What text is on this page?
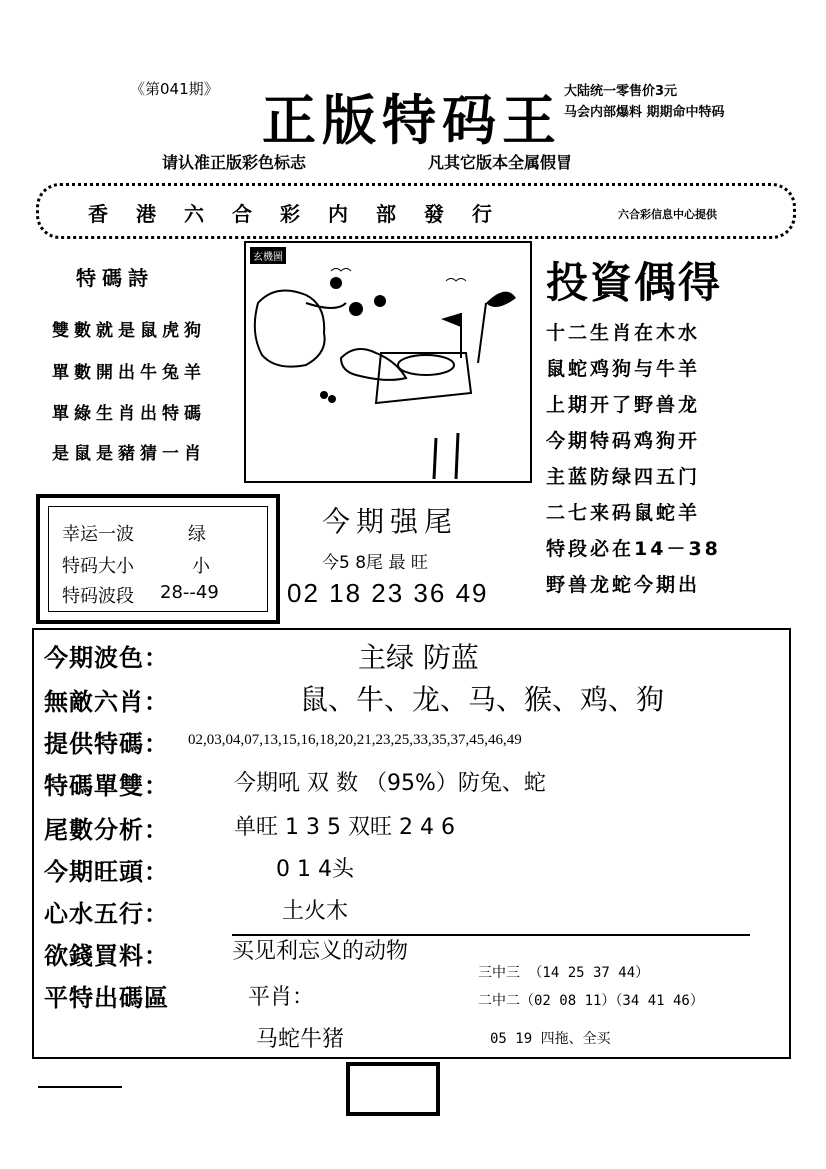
《第041期》 正版特码王 大陆统一零售价3元
马会内部爆料 期期命中特码
请认准正版彩色标志	凡其它版本全属假冒
香港六合彩内部發行	六合彩信息中心提供
特碼詩
雙數就是鼠虎狗
單數開出牛兔羊
單綠生肖出特碼
是鼠是豬猜一肖
玄機圖
投資偶得
十二生肖在木水
鼠蛇鸡狗与牛羊
上期开了野兽龙
今期特码鸡狗开
主蓝防绿四五门
二七来码鼠蛇羊
特段必在14－38
野兽龙蛇今期出
幸运一波	绿
特码大小	小
特码波段 28--49
今期强尾
今5 8尾 最 旺
02 18 23 36 49
今期波色：	主绿 防蓝
無敵六肖：	鼠、牛、龙、马、猴、鸡、狗
提供特碼： 02,03,04,07,13,15,16,18,20,21,23,25,33,35,37,45,46,49
特碼單雙：	今期吼 双 数 （95%）防兔、蛇
尾數分析：	单旺 1 3 5 双旺 2 4 6
今期旺頭：	0 1 4头
心水五行：	土火木
欲錢買料：	买见利忘义的动物
平特出碼區	平肖：
马蛇牛猪
三中三 （14 25 37 44）
二中二（02 08 11）（34 41 46）
05 19 四拖、全买
